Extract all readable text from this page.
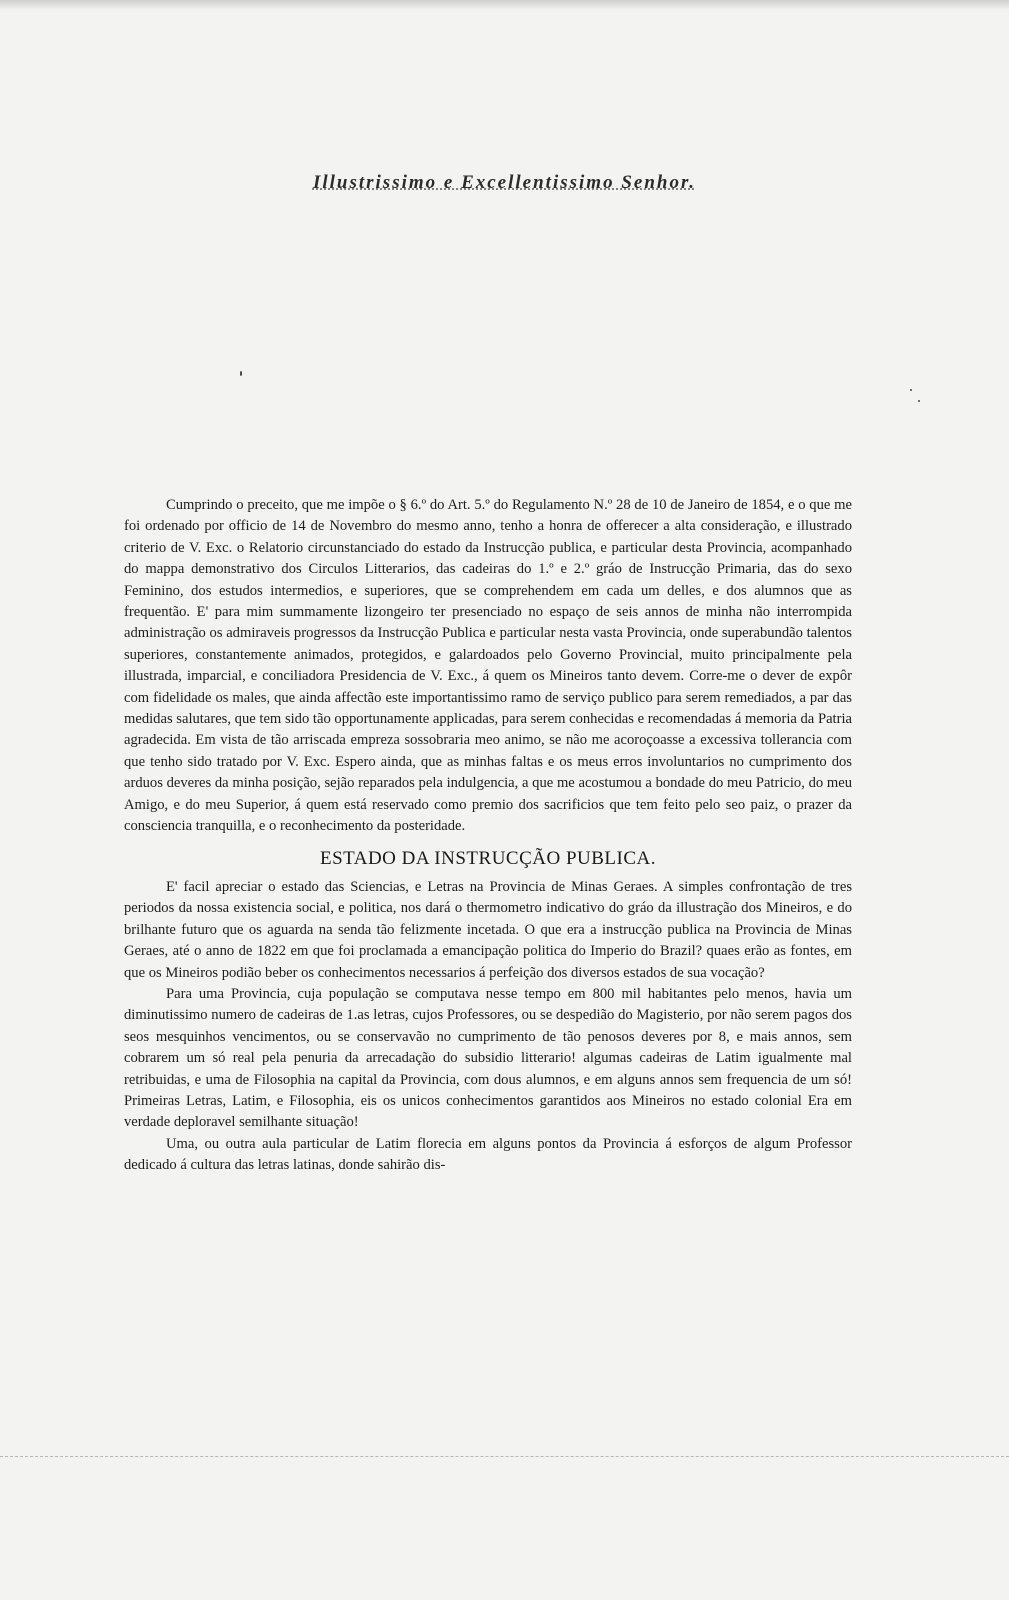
Illustrissimo e Excellentissimo Senhor.

Cumprindo o preceito, que me impõe o § 6.º do Art. 5.º do Regulamento N.º 28 de 10 de Janeiro de 1854, e o que me foi ordenado por officio de 14 de Novembro do mesmo anno, tenho a honra de offerecer a alta consideração, e illustrado criterio de V. Exc. o Relatorio circunstanciado do estado da Instrucção publica, e particular desta Provincia, acompanhado do mappa demonstrativo dos Circulos Litterarios, das cadeiras do 1.º e 2.º gráo de Instrucção Primaria, das do sexo Feminino, dos estudos intermedios, e superiores, que se comprehendem em cada um delles, e dos alumnos que as frequentão. E' para mim summamente lizongeiro ter presenciado no espaço de seis annos de minha não interrompida administração os admiraveis progressos da Instrucção Publica e particular nesta vasta Provincia, onde superabundão talentos superiores, constantemente animados, protegidos, e galardoados pelo Governo Provincial, muito principalmente pela illustrada, imparcial, e conciliadora Presidencia de V. Exc., á quem os Mineiros tanto devem. Corre-me o dever de expôr com fidelidade os males, que ainda affectão este importantissimo ramo de serviço publico para serem remediados, a par das medidas salutares, que tem sido tão opportunamente applicadas, para serem conhecidas e recomendadas á memoria da Patria agradecida. Em vista de tão arriscada emprezа sossobraria meo animo, se não me acoroçoasse a excessiva tollerancia com que tenho sido tratado por V. Exc. Espero ainda, que as minhas faltas e os meus erros involuntarios no cumprimento dos arduos deveres da minha posição, sejão reparados pela indulgencia, a que me acostumou a bondade do meu Patricio, do meu Amigo, e do meu Superior, á quem está reservado como premio dos sacrificios que tem feito pelo seo paiz, o prazer da consciencia tranquilla, e o reconhecimento da posteridade.

ESTADO DA INSTRUCÇÃO PUBLICA.

E' facil apreciar o estado das Sciencias, e Letras na Provincia de Minas Geraes. A simples confrontação de tres periodos da nossa existencia social, e politica, nos dará o thermometro indicativo do gráo da illustração dos Mineiros, e do brilhante futuro que os aguarda na senda tão felizmente incetada. O que era a instrucção publica na Provincia de Minas Geraes, até o anno de 1822 em que foi proclamada a emancipação politica do Imperio do Brazil? quaes erão as fontes, em que os Mineiros podião beber os conhecimentos necessarios á perfeição dos diversos estados de sua vocação?

Para uma Provincia, cuja população se computava nesse tempo em 800 mil habitantes pelo menos, havia um diminutissimo numero de cadeiras de 1.as letras, cujos Professores, ou se despedião do Magisterio, por não serem pagos dos seos mesquinhos vencimentos, ou se conservavão no cumprimento de tão penosos deveres por 8, e mais annos, sem cobrarem um só real pela penuria da arrecadação do subsidio litterario! algumas cadeiras de Latim igualmente mal retribuidas, e uma de Filosophia na capital da Provincia, com dous alumnos, e em alguns annos sem frequencia de um só! Primeiras Letras, Latim, e Filosophia, eis os unicos conhecimentos garantidos aos Mineiros no estado colonial Era em verdade deploravel semilhante situação!

Uma, ou outra aula particular de Latim florecia em alguns pontos da Provincia á esforços de algum Professor dedicado á cultura das letras latinas, donde sahirão dis-
